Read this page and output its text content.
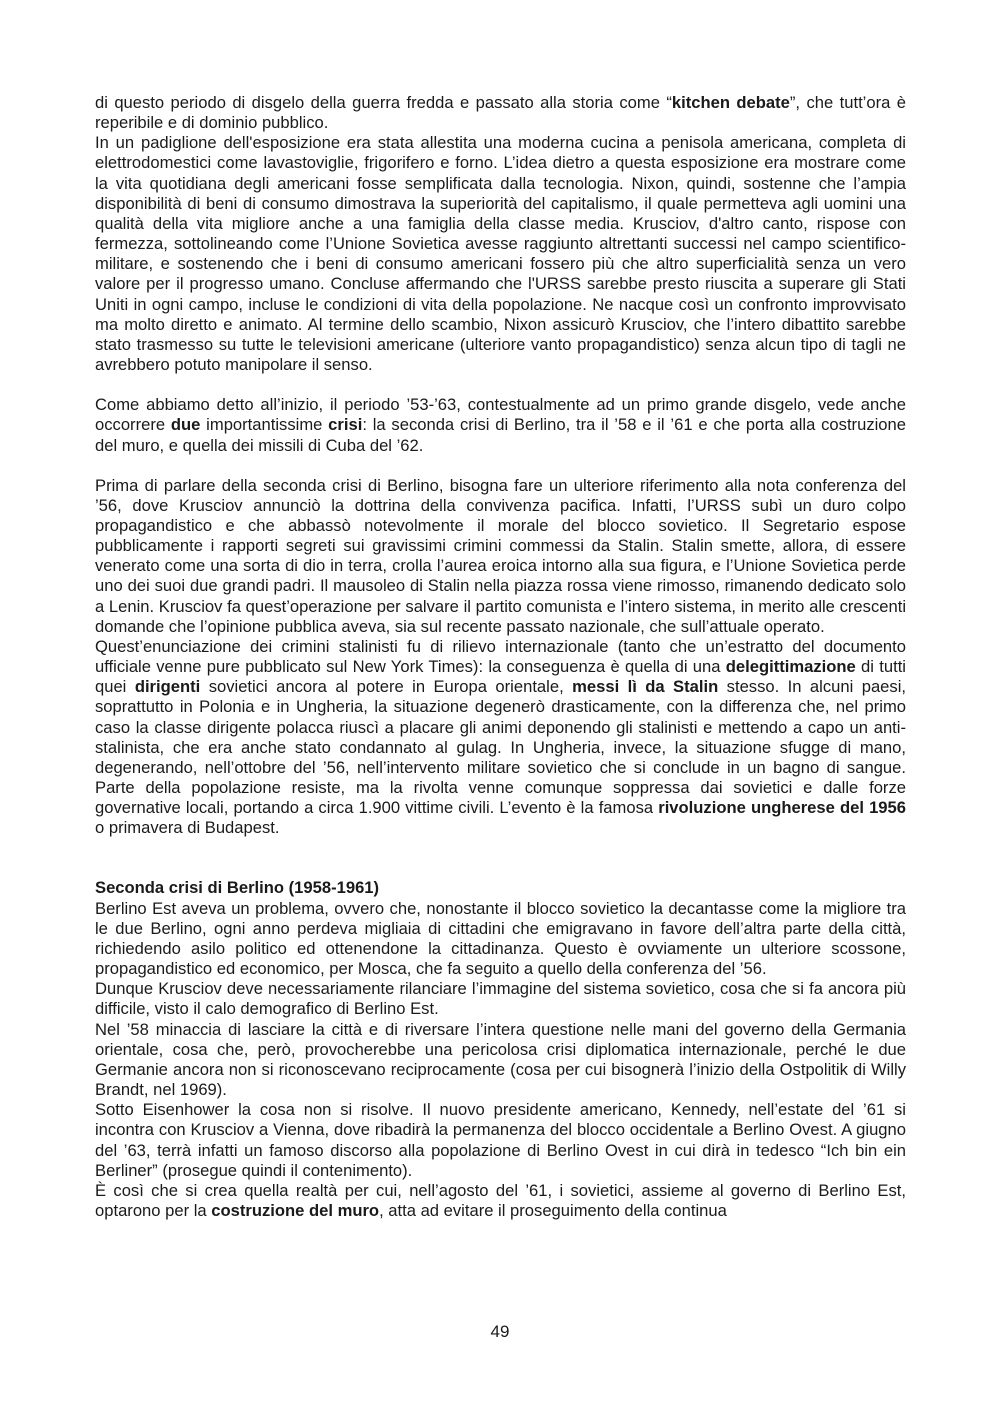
di questo periodo di disgelo della guerra fredda e passato alla storia come “kitchen debate”, che tutt’ora è reperibile e di dominio pubblico.

In un padiglione dell'esposizione era stata allestita una moderna cucina a penisola americana, completa di elettrodomestici come lavastoviglie, frigorifero e forno. L’idea dietro a questa esposizione era mostrare come la vita quotidiana degli americani fosse semplificata dalla tecnologia. Nixon, quindi, sostenne che l’ampia disponibilità di beni di consumo dimostrava la superiorità del capitalismo, il quale permetteva agli uomini una qualità della vita migliore anche a una famiglia della classe media. Krusciov, d'altro canto, rispose con fermezza, sottolineando come l’Unione Sovietica avesse raggiunto altrettanti successi nel campo scientifico-militare, e sostenendo che i beni di consumo americani fossero più che altro superficialità senza un vero valore per il progresso umano. Concluse affermando che l'URSS sarebbe presto riuscita a superare gli Stati Uniti in ogni campo, incluse le condizioni di vita della popolazione. Ne nacque così un confronto improvvisato ma molto diretto e animato. Al termine dello scambio, Nixon assicurò Krusciov, che l’intero dibattito sarebbe stato trasmesso su tutte le televisioni americane (ulteriore vanto propagandistico) senza alcun tipo di tagli ne avrebbero potuto manipolare il senso.

Come abbiamo detto all’inizio, il periodo ’53-’63, contestualmente ad un primo grande disgelo, vede anche occorrere due importantissime crisi: la seconda crisi di Berlino, tra il ’58 e il ’61 e che porta alla costruzione del muro, e quella dei missili di Cuba del ’62.

Prima di parlare della seconda crisi di Berlino, bisogna fare un ulteriore riferimento alla nota conferenza del ’56, dove Krusciov annunciò la dottrina della convivenza pacifica. Infatti, l’URSS subì un duro colpo propagandistico e che abbassò notevolmente il morale del blocco sovietico. Il Segretario espose pubblicamente i rapporti segreti sui gravissimi crimini commessi da Stalin. Stalin smette, allora, di essere venerato come una sorta di dio in terra, crolla l’aurea eroica intorno alla sua figura, e l’Unione Sovietica perde uno dei suoi due grandi padri. Il mausoleo di Stalin nella piazza rossa viene rimosso, rimanendo dedicato solo a Lenin. Krusciov fa quest’operazione per salvare il partito comunista e l’intero sistema, in merito alle crescenti domande che l’opinione pubblica aveva, sia sul recente passato nazionale, che sull’attuale operato.

Quest’enunciazione dei crimini stalinisti fu di rilievo internazionale (tanto che un’estratto del documento ufficiale venne pure pubblicato sul New York Times): la conseguenza è quella di una delegittimazione di tutti quei dirigenti sovietici ancora al potere in Europa orientale, messi lì da Stalin stesso. In alcuni paesi, soprattutto in Polonia e in Ungheria, la situazione degenerò drasticamente, con la differenza che, nel primo caso la classe dirigente polacca riuscì a placare gli animi deponendo gli stalinisti e mettendo a capo un anti-stalinista, che era anche stato condannato al gulag. In Ungheria, invece, la situazione sfugge di mano, degenerando, nell’ottobre del ’56, nell’intervento militare sovietico che si conclude in un bagno di sangue. Parte della popolazione resiste, ma la rivolta venne comunque soppressa dai sovietici e dalle forze governative locali, portando a circa 1.900 vittime civili. L’evento è la famosa rivoluzione ungherese del 1956 o primavera di Budapest.

Seconda crisi di Berlino (1958-1961)

Berlino Est aveva un problema, ovvero che, nonostante il blocco sovietico la decantasse come la migliore tra le due Berlino, ogni anno perdeva migliaia di cittadini che emigravano in favore dell’altra parte della città, richiedendo asilo politico ed ottenendone la cittadinanza. Questo è ovviamente un ulteriore scossone, propagandistico ed economico, per Mosca, che fa seguito a quello della conferenza del ’56.

Dunque Krusciov deve necessariamente rilanciare l’immagine del sistema sovietico, cosa che si fa ancora più difficile, visto il calo demografico di Berlino Est.

Nel ’58 minaccia di lasciare la città e di riversare l’intera questione nelle mani del governo della Germania orientale, cosa che, però, provocherebbe una pericolosa crisi diplomatica internazionale, perché le due Germanie ancora non si riconoscevano reciprocamente (cosa per cui bisognerà l’inizio della Ostpolitik di Willy Brandt, nel 1969).

Sotto Eisenhower la cosa non si risolve. Il nuovo presidente americano, Kennedy, nell’estate del ’61 si incontra con Krusciov a Vienna, dove ribadirà la permanenza del blocco occidentale a Berlino Ovest. A giugno del ’63, terrà infatti un famoso discorso alla popolazione di Berlino Ovest in cui dirà in tedesco “Ich bin ein Berliner” (prosegue quindi il contenimento).

È così che si crea quella realtà per cui, nell’agosto del ’61, i sovietici, assieme al governo di Berlino Est, optarono per la costruzione del muro, atta ad evitare il proseguimento della continua

49
